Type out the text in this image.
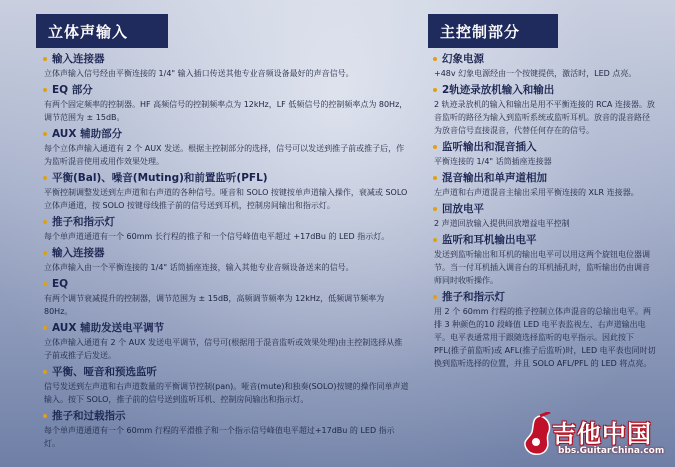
立体声输入	主控制部分
输入连接器
立体声输入信号经由平衡连接的 1/4" 输入插口传送其他专业音频设备最好的声音信号。
EQ 部分
有两个固定频率的控制器。HF 高频信号的控制频率点为 12kHz，LF 低频信号的控制频率点为 80Hz，调节范围为 ± 15dB。
AUX 辅助部分
每个立体声输入通道有 2 个 AUX 发送。根据主控制部分的选择，信号可以发送到推子前或推子后，作为监听混音使用或用作效果处理。
平衡(Bal)、噪音(Muting)和前置监听(PFL)
平衡控制调整发送到左声道和右声道的各种信号。哑音和 SOLO 按键按单声道输入操作，衰减或 SOLO 立体声通道，按 SOLO 按键母线推子前的信号送到耳机，控制房间输出和指示灯。
推子和指示灯
每个单声道通道有一个 60mm 长行程的推子和一个信号峰值电平超过 +17dBu 的 LED 指示灯。
输入连接器
立体声输入由一个平衡连接的 1/4" 话筒插座连接，输入其他专业音频设备送来的信号。
EQ
有两个调节衰减提升的控制器，调节范围为 ± 15dB，高频调节频率为 12kHz，低频调节频率为 80Hz。
AUX 辅助发送电平调节
立体声输入通道有 2 个 AUX 发送电平调节，信号可(根据用于混音监听或效果处理)由主控制选择从推子前或推子后发送。
平衡、哑音和预选监听
信号发送到左声道和右声道数量的平衡调节控制(pan)。哑音(mute)和独奏(SOLO)按键的操作同单声道输入。按下 SOLO，推子前的信号送到监听耳机、控制房间输出和指示灯。
推子和过载指示
每个单声道通道有一个 60mm 行程的平滑推子和一个指示信号峰值电平超过+17dBu 的 LED 指示灯。
幻象电源
+48v 幻象电源经由一个按键提供，激活时，LED 点亮。
2轨迹录放机输入和输出
2 轨迹录放机的输入和输出是用不平衡连接的 RCA 连接器。放音监听的路径为输入到监听系统或监听耳机。放音的混音路径为放音信号直接混音，代替任何存在的信号。
监听输出和混音插入
平衡连接的 1/4" 话筒插座连接器
混音输出和单声道相加
左声道和右声道混音主输出采用平衡连接的 XLR 连接器。
回放电平
2 声道回放输入提供回放增益电平控制
监听和耳机输出电平
发送到监听输出和耳机的输出电平可以用这两个旋钮电位器调节。当一付耳机插入调音台的耳机插孔时，监听输出仍由调音师同时收听操作。
推子和指示灯
用 2 个 60mm 行程的推子控制立体声混音的总输出电平。两排 3 种颜色的10 段峰值 LED 电平表监视左、右声道输出电平。电平表通常用于跟随选择监听的电平指示。因此按下 PFL(推子前监听)或 AFL(推子后监听)时，LED 电平表也同时切换到监听选择的位置，并且 SOLO AFL/PFL 的 LED 将点亮。
吉他中国
bbs.GuitarChina.com
